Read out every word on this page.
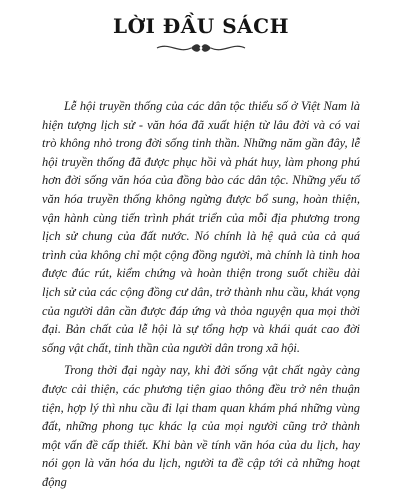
LỜI ĐẦU SÁCH

Lễ hội truyền thống của các dân tộc thiểu số ở Việt Nam là hiện tượng lịch sử - văn hóa đã xuất hiện từ lâu đời và có vai trò không nhỏ trong đời sống tinh thần. Những năm gần đây, lễ hội truyền thống đã được phục hồi và phát huy, làm phong phú hơn đời sống văn hóa của đồng bào các dân tộc. Những yếu tố văn hóa truyền thống không ngừng được bổ sung, hoàn thiện, vận hành cùng tiến trình phát triển của mỗi địa phương trong lịch sử chung của đất nước. Nó chính là hệ quả của cả quá trình của không chỉ một cộng đồng người, mà chính là tinh hoa được đúc rút, kiểm chứng và hoàn thiện trong suốt chiều dài lịch sử của các cộng đồng cư dân, trở thành nhu cầu, khát vọng của người dân cần được đáp ứng và thỏa nguyện qua mọi thời đại. Bản chất của lễ hội là sự tổng hợp và khái quát cao đời sống vật chất, tinh thần của người dân trong xã hội.

Trong thời đại ngày nay, khi đời sống vật chất ngày càng được cải thiện, các phương tiện giao thông đều trở nên thuận tiện, hợp lý thì nhu cầu đi lại tham quan khám phá những vùng đất, những phong tục khác lạ của mọi người cũng trở thành một vấn đề cấp thiết. Khi bàn về tính văn hóa của du lịch, hay nói gọn là văn hóa du lịch, người ta đề cập tới cả những hoạt động
